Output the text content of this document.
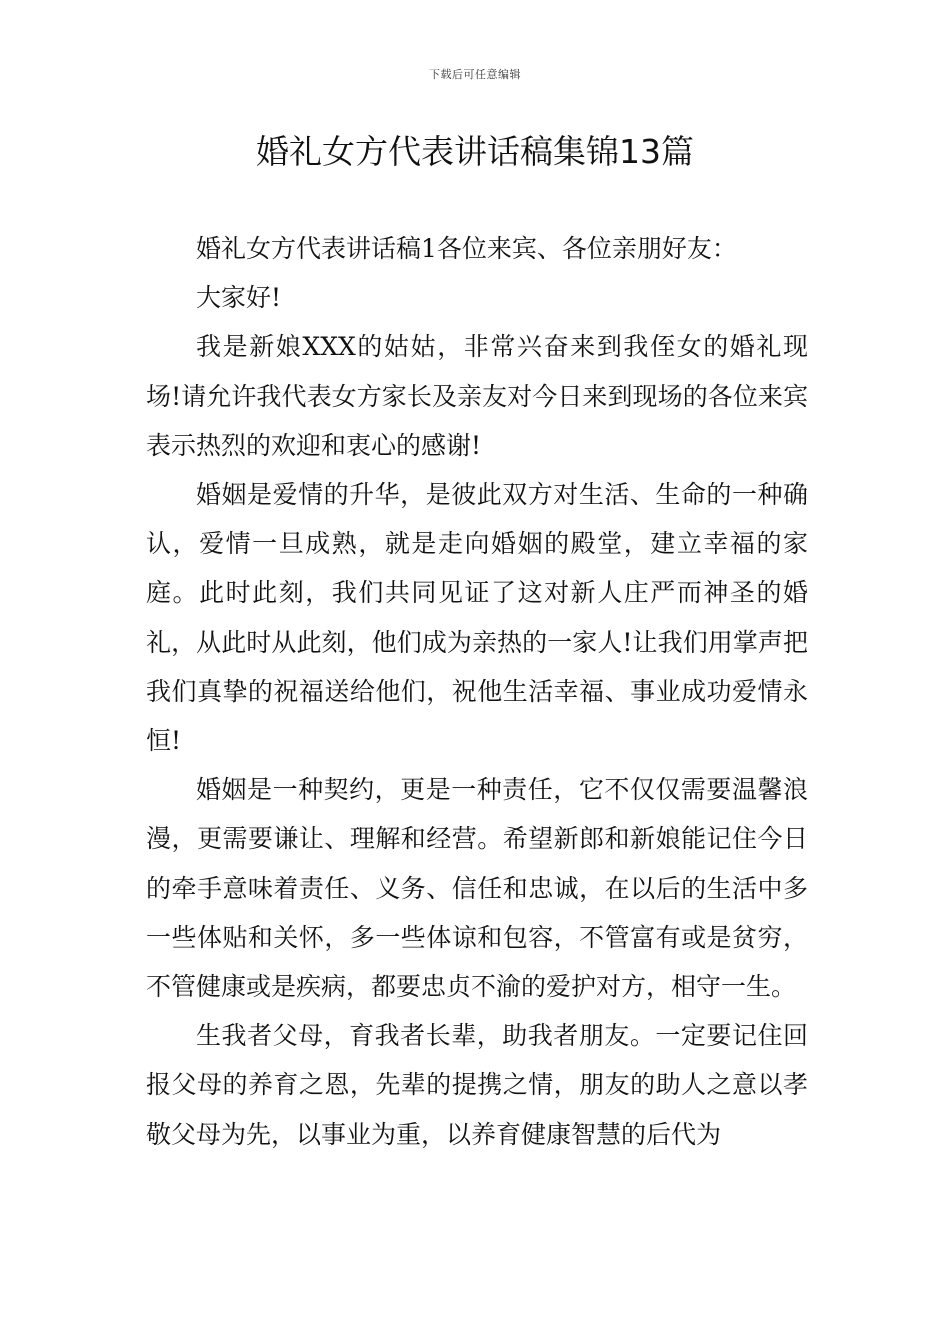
下载后可任意编辑
婚礼女方代表讲话稿集锦13篇

婚礼女方代表讲话稿1各位来宾、各位亲朋好友：

大家好!

我是新娘XXX的姑姑，非常兴奋来到我侄女的婚礼现场!请允许我代表女方家长及亲友对今日来到现场的各位来宾表示热烈的欢迎和衷心的感谢!

婚姻是爱情的升华，是彼此双方对生活、生命的一种确认，爱情一旦成熟，就是走向婚姻的殿堂，建立幸福的家庭。此时此刻，我们共同见证了这对新人庄严而神圣的婚礼，从此时从此刻，他们成为亲热的一家人!让我们用掌声把我们真挚的祝福送给他们，祝他生活幸福、事业成功爱情永恒!

婚姻是一种契约，更是一种责任，它不仅仅需要温馨浪漫，更需要谦让、理解和经营。希望新郎和新娘能记住今日的牵手意味着责任、义务、信任和忠诚，在以后的生活中多一些体贴和关怀，多一些体谅和包容，不管富有或是贫穷，不管健康或是疾病，都要忠贞不渝的爱护对方，相守一生。

生我者父母，育我者长辈，助我者朋友。一定要记住回报父母的养育之恩，先辈的提携之情，朋友的助人之意以孝敬父母为先，以事业为重，以养育健康智慧的后代为
